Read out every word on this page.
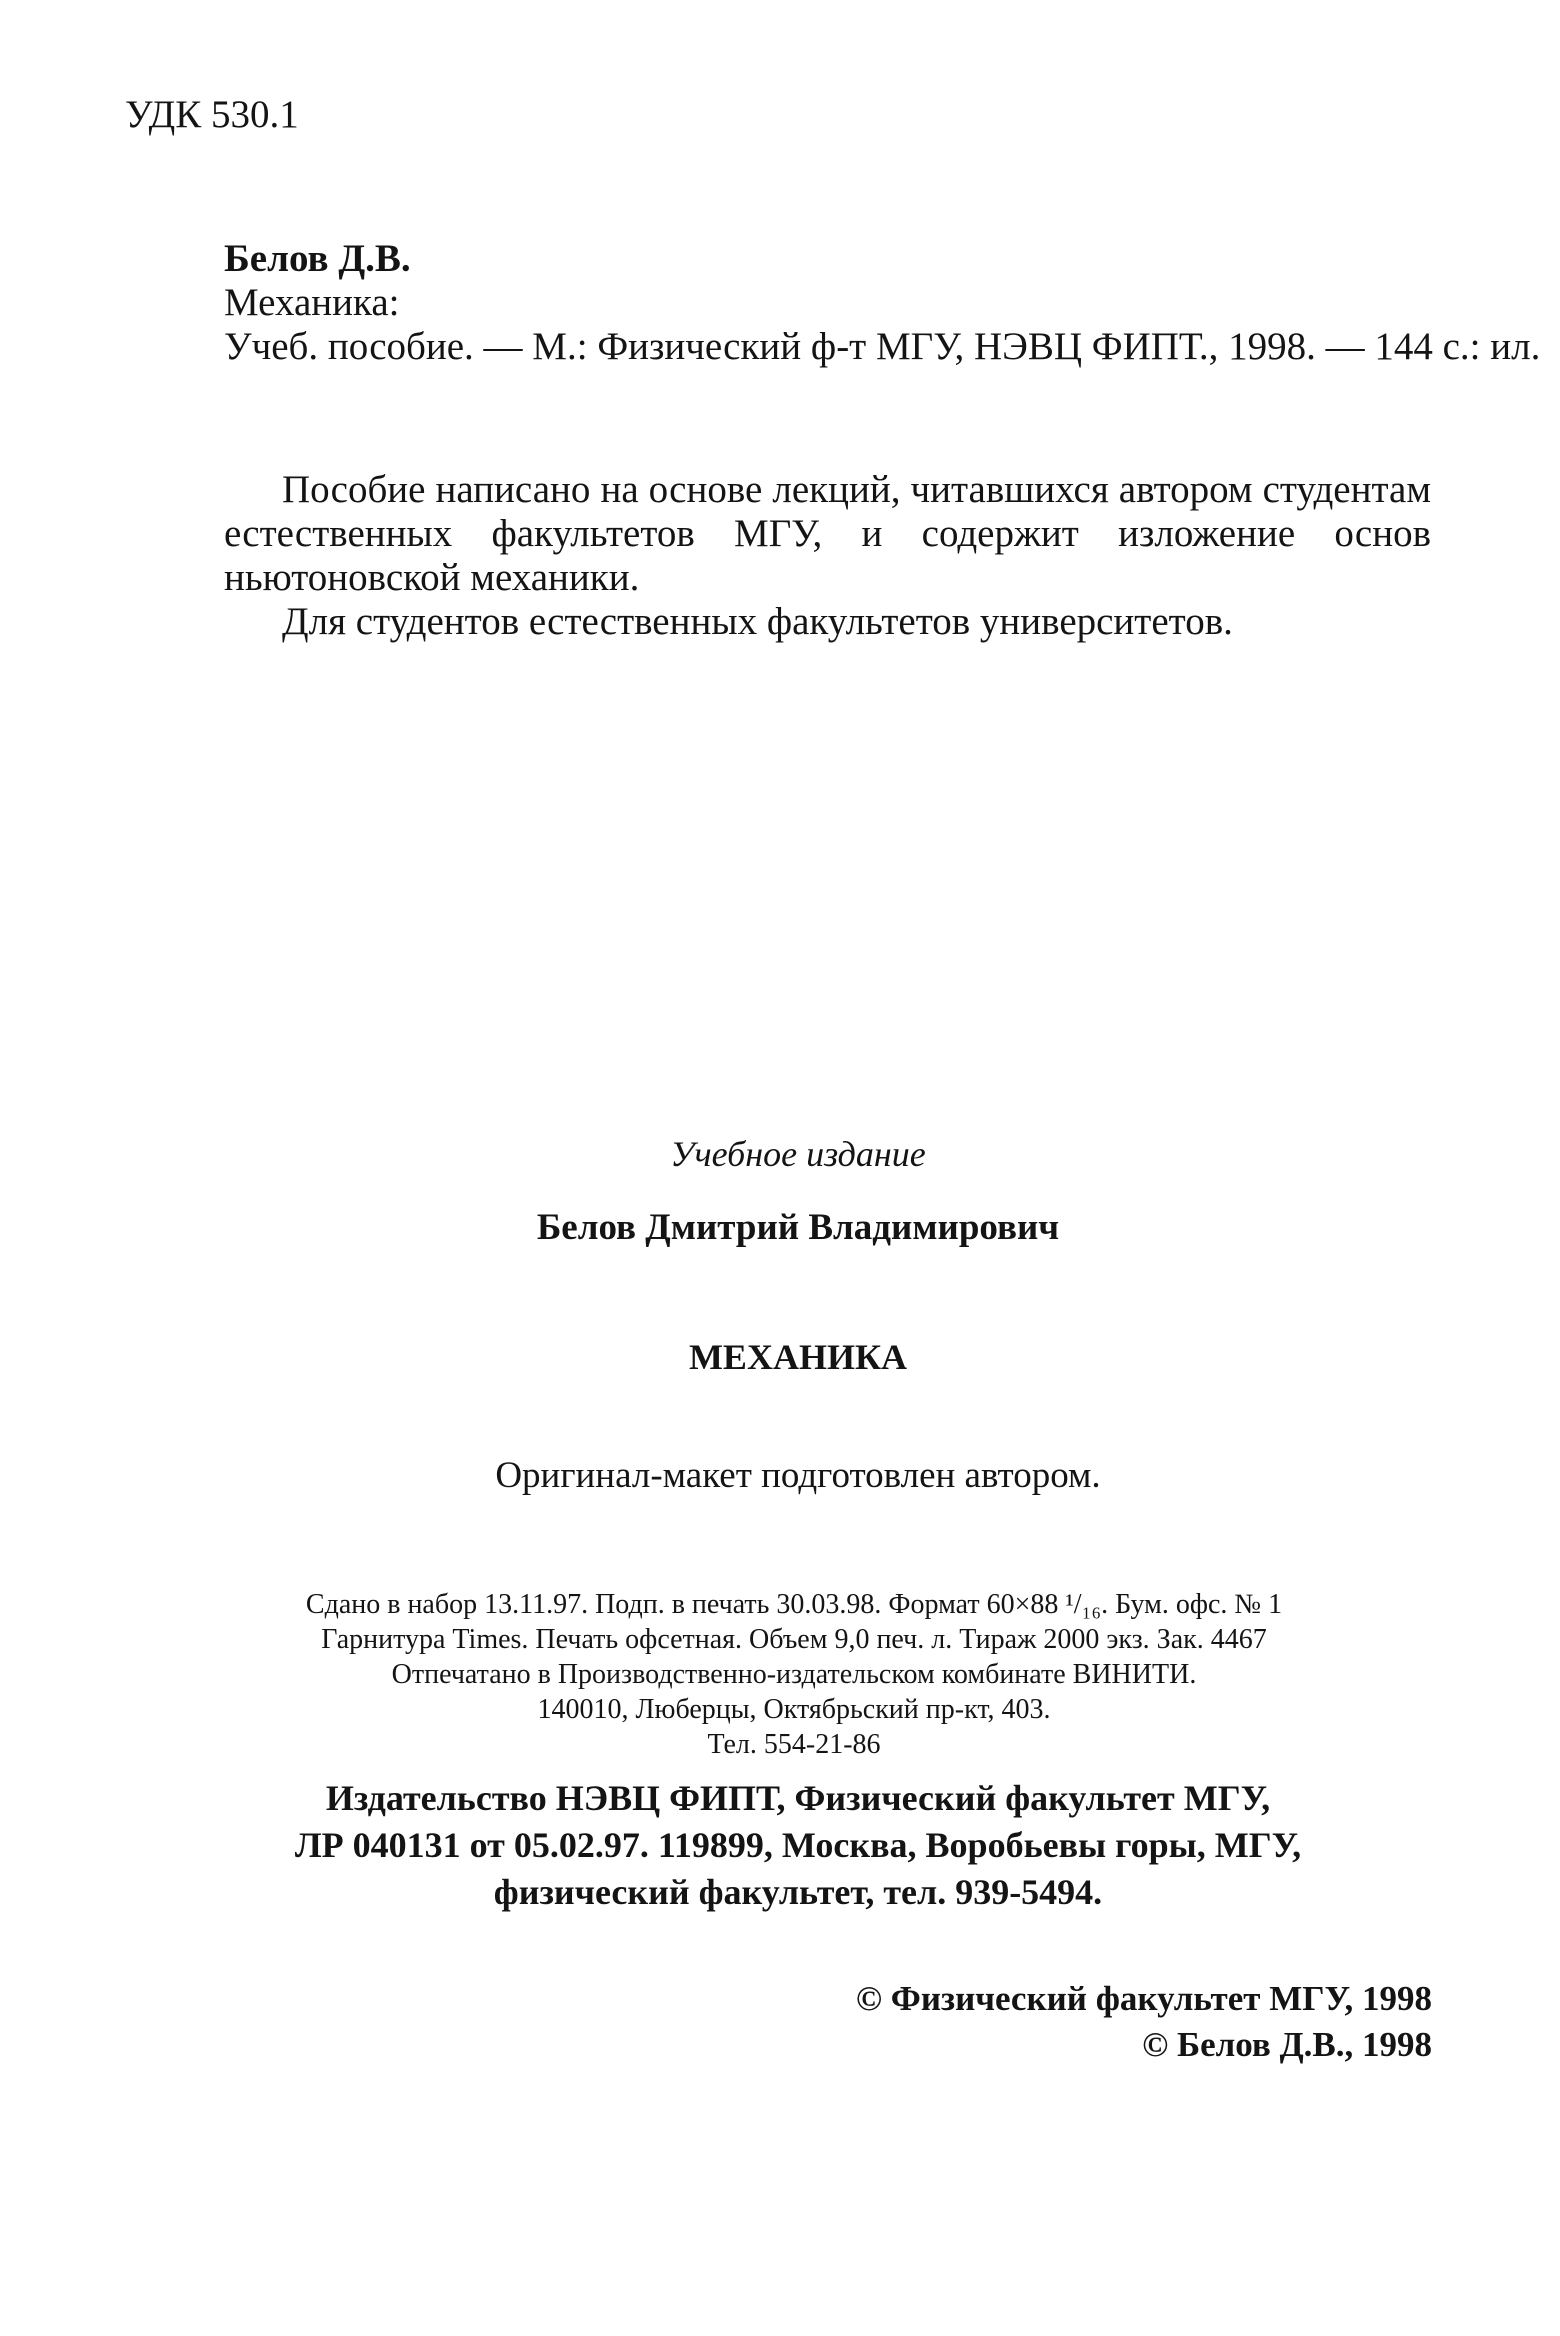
УДК 530.1
Белов Д.В.
Механика:
Учеб. пособие. — М.: Физический ф-т МГУ, НЭВЦ ФИПТ., 1998. — 144 с.: ил.

Пособие написано на основе лекций, читавшихся автором студентам естественных факультетов МГУ, и содержит изложение основ ньютоновской механики.

Для студентов естественных факультетов университетов.

Учебное издание
Белов Дмитрий Владимирович
МЕХАНИКА
Оригинал-макет подготовлен автором.
Сдано в набор 13.11.97. Подп. в печать 30.03.98. Формат 60×88 ¹/₁₆. Бум. офс. № 1
Гарнитура Times. Печать офсетная. Объем 9,0 печ. л. Тираж 2000 экз. Зак. 4467
Отпечатано в Производственно-издательском комбинате ВИНИТИ.
140010, Люберцы, Октябрьский пр-кт, 403.
Тел. 554-21-86
Издательство НЭВЦ ФИПТ, Физический факультет МГУ,
ЛР 040131 от 05.02.97. 119899, Москва, Воробьевы горы, МГУ,
физический факультет, тел. 939-5494.
© Физический факультет МГУ, 1998
© Белов Д.В., 1998
